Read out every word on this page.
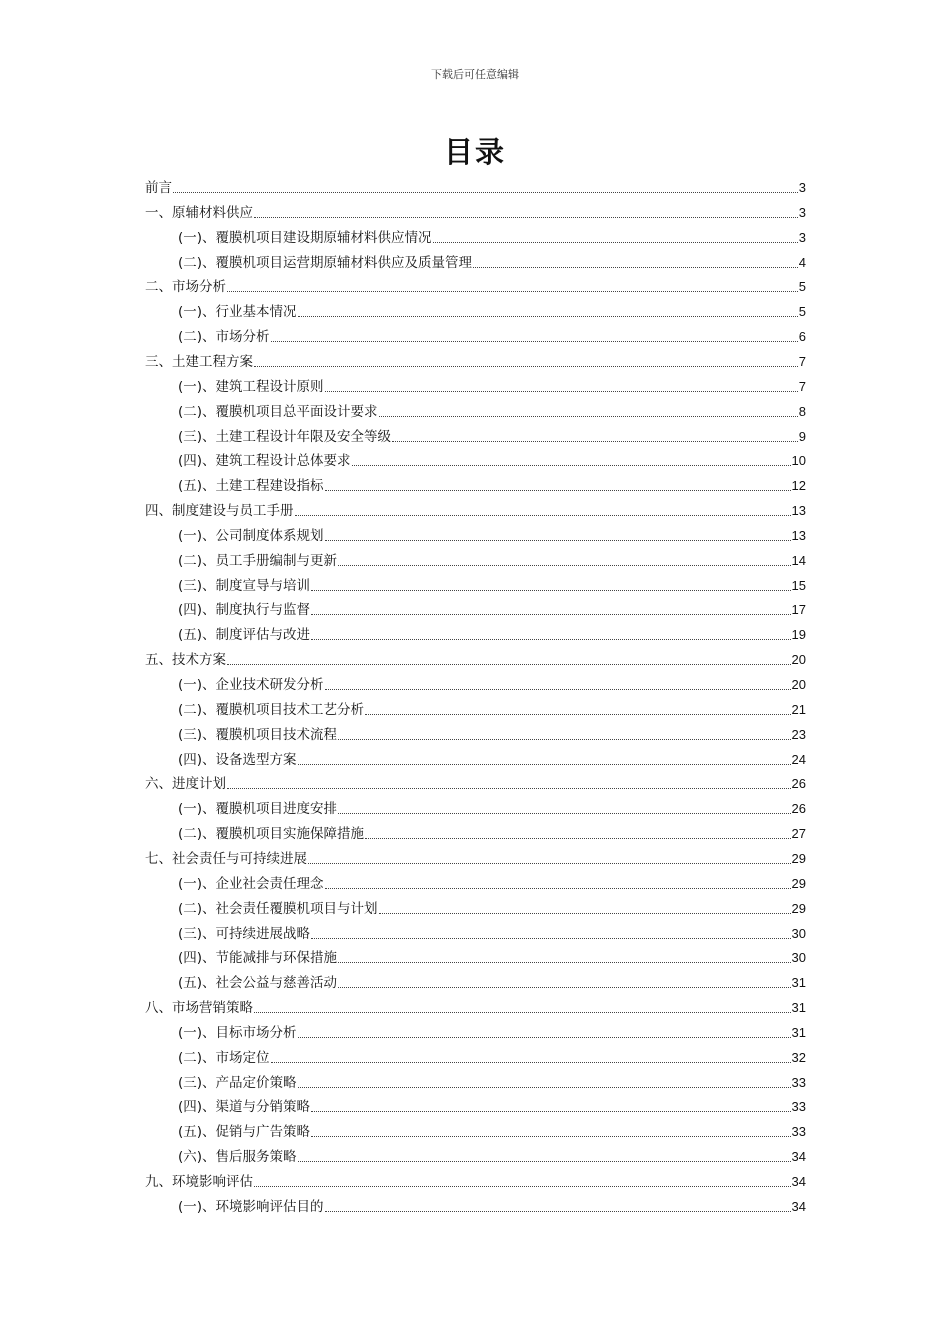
下载后可任意编辑
目录
前言	3
一、原辅材料供应	3
(一)、覆膜机项目建设期原辅材料供应情况	3
(二)、覆膜机项目运营期原辅材料供应及质量管理	4
二、市场分析	5
(一)、行业基本情况	5
(二)、市场分析	6
三、土建工程方案	7
(一)、建筑工程设计原则	7
(二)、覆膜机项目总平面设计要求	8
(三)、土建工程设计年限及安全等级	9
(四)、建筑工程设计总体要求	10
(五)、土建工程建设指标	12
四、制度建设与员工手册	13
(一)、公司制度体系规划	13
(二)、员工手册编制与更新	14
(三)、制度宣导与培训	15
(四)、制度执行与监督	17
(五)、制度评估与改进	19
五、技术方案	20
(一)、企业技术研发分析	20
(二)、覆膜机项目技术工艺分析	21
(三)、覆膜机项目技术流程	23
(四)、设备选型方案	24
六、进度计划	26
(一)、覆膜机项目进度安排	26
(二)、覆膜机项目实施保障措施	27
七、社会责任与可持续进展	29
(一)、企业社会责任理念	29
(二)、社会责任覆膜机项目与计划	29
(三)、可持续进展战略	30
(四)、节能减排与环保措施	30
(五)、社会公益与慈善活动	31
八、市场营销策略	31
(一)、目标市场分析	31
(二)、市场定位	32
(三)、产品定价策略	33
(四)、渠道与分销策略	33
(五)、促销与广告策略	33
(六)、售后服务策略	34
九、环境影响评估	34
(一)、环境影响评估目的	34
